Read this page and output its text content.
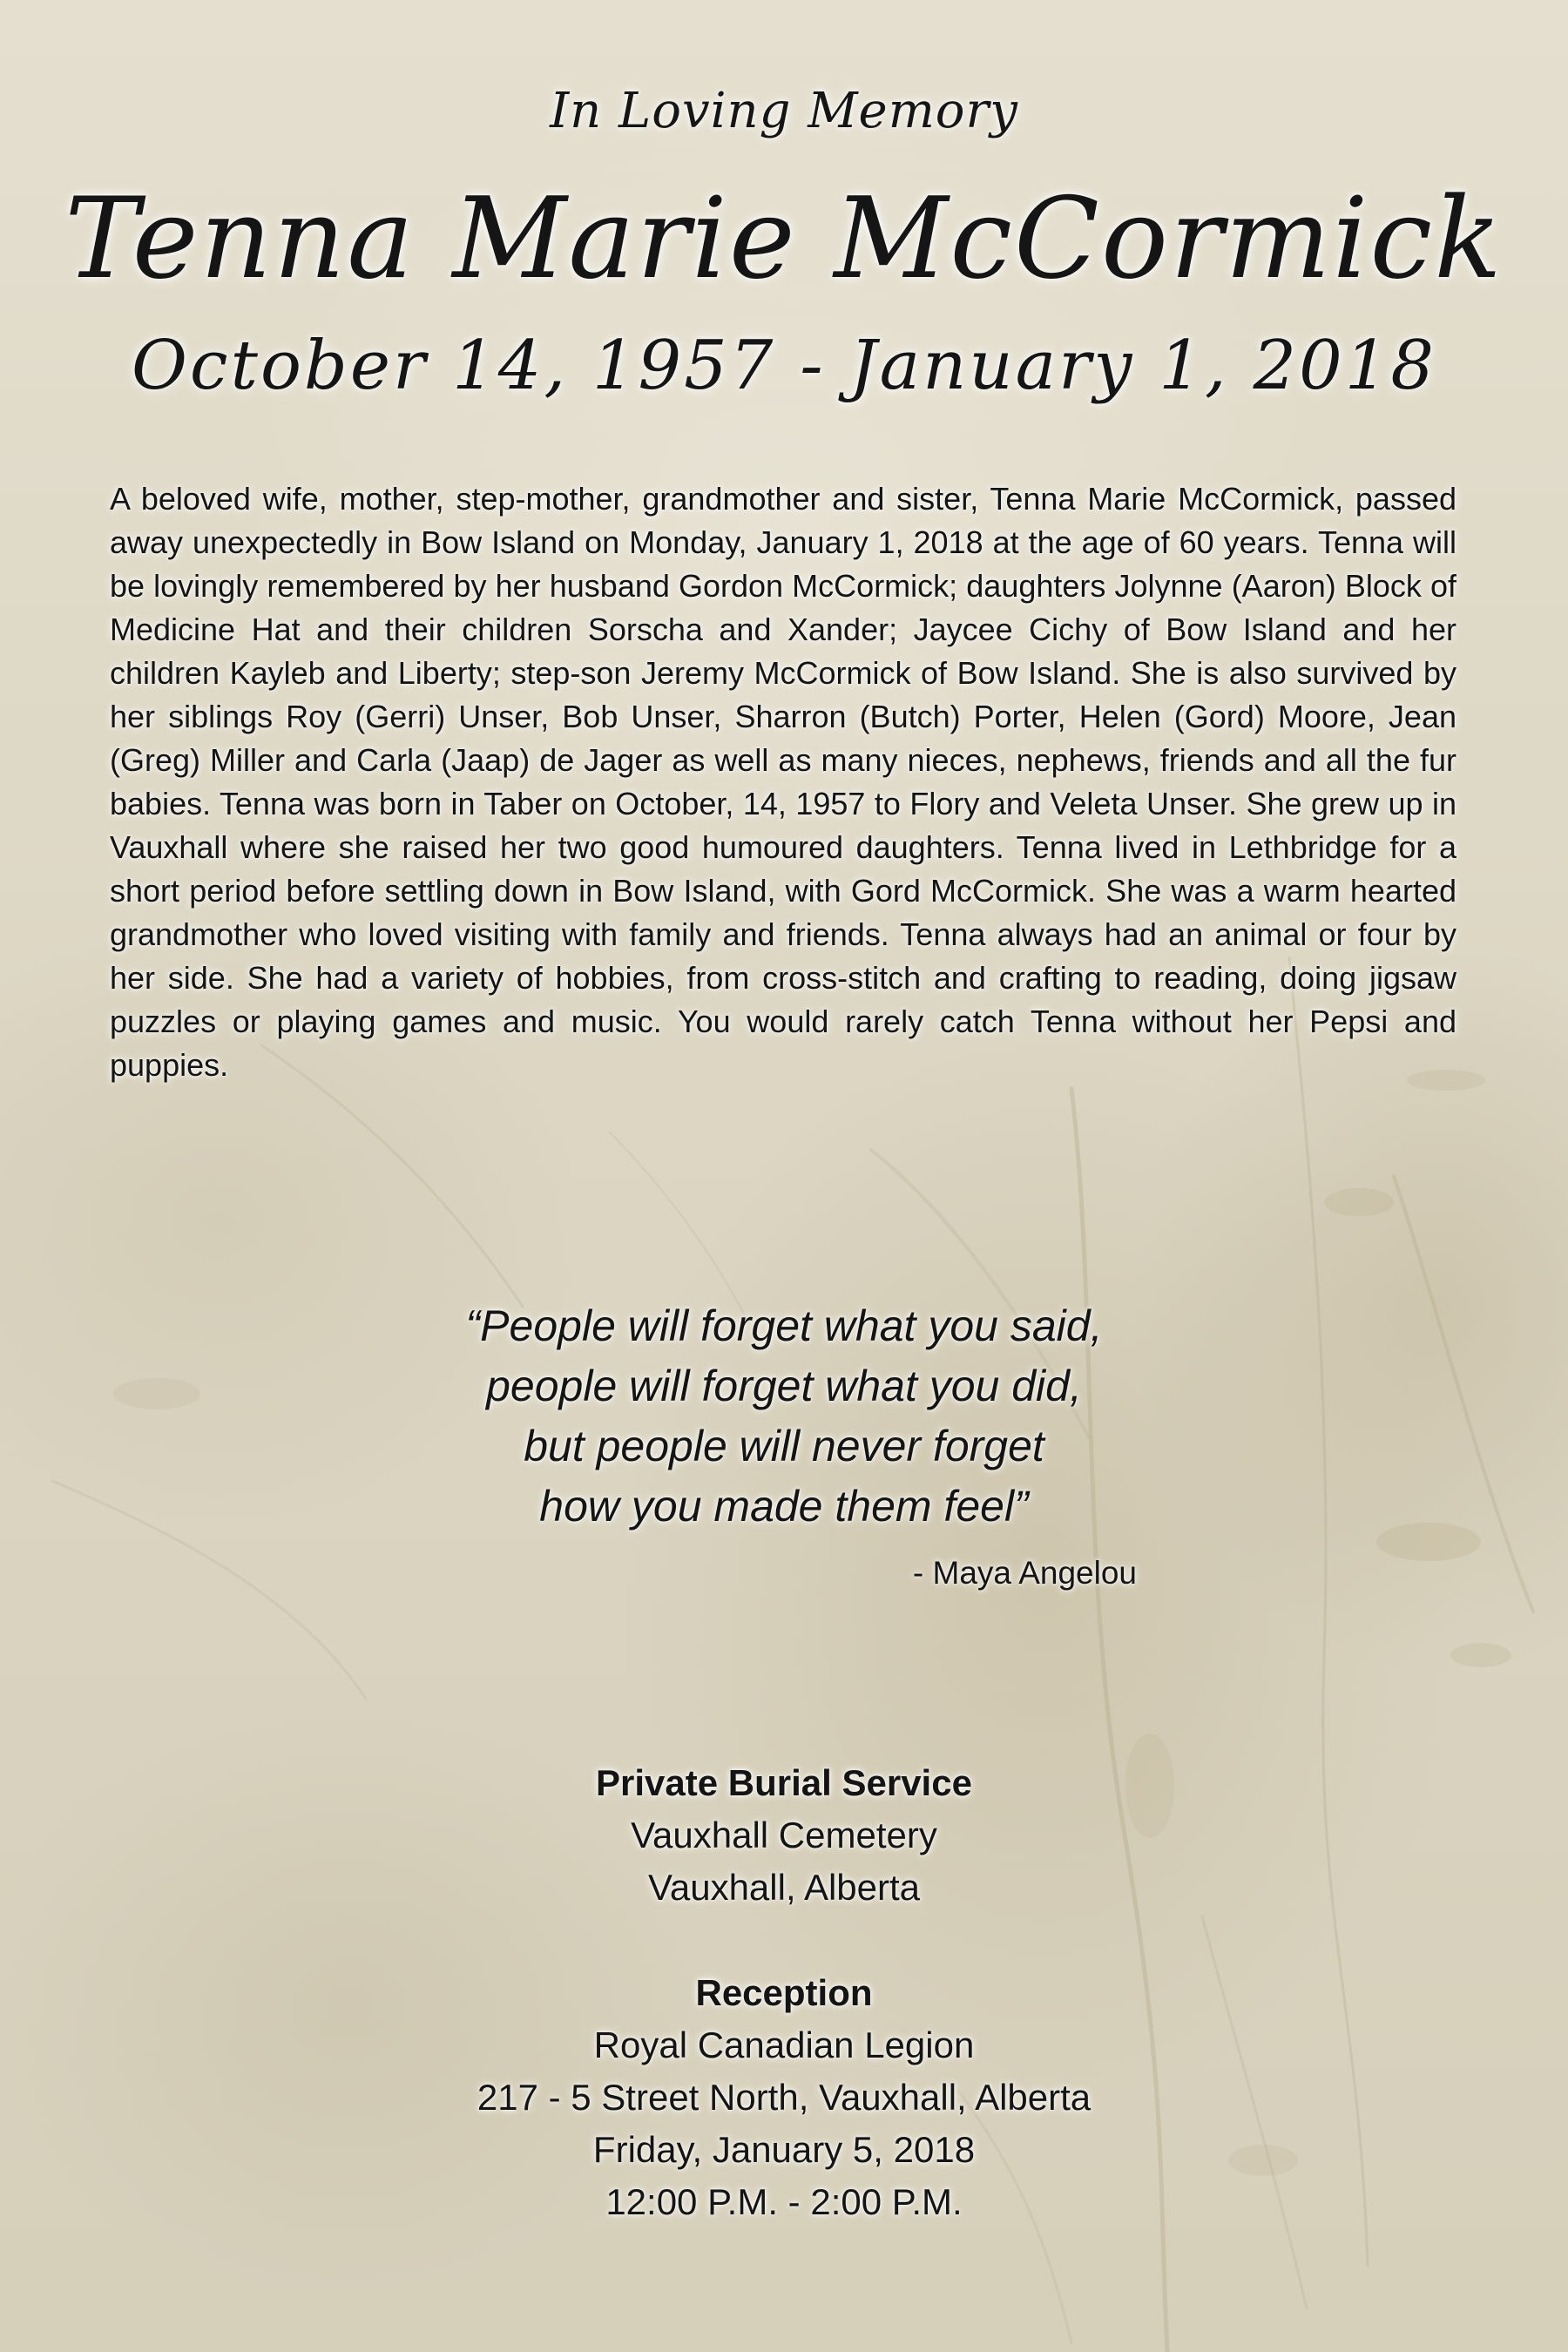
In Loving Memory
Tenna Marie McCormick
October 14, 1957 - January 1, 2018

A beloved wife, mother, step-mother, grandmother and sister, Tenna Marie McCormick, passed away unexpectedly in Bow Island on Monday, January 1, 2018 at the age of 60 years. Tenna will be lovingly remembered by her husband Gordon McCormick; daughters Jolynne (Aaron) Block of Medicine Hat and their children Sorscha and Xander; Jaycee Cichy of Bow Island and her children Kayleb and Liberty; step-son Jeremy McCormick of Bow Island. She is also survived by her siblings Roy (Gerri) Unser, Bob Unser, Sharron (Butch) Porter, Helen (Gord) Moore, Jean (Greg) Miller and Carla (Jaap) de Jager as well as many nieces, nephews, friends and all the fur babies. Tenna was born in Taber on October, 14, 1957 to Flory and Veleta Unser. She grew up in Vauxhall where she raised her two good humoured daughters. Tenna lived in Lethbridge for a short period before settling down in Bow Island, with Gord McCormick. She was a warm hearted grandmother who loved visiting with family and friends. Tenna always had an animal or four by her side. She had a variety of hobbies, from cross-stitch and crafting to reading, doing jigsaw puzzles or playing games and music. You would rarely catch Tenna without her Pepsi and puppies.

“People will forget what you said,
people will forget what you did,
but people will never forget
how you made them feel”
- Maya Angelou
Private Burial Service
Vauxhall Cemetery
Vauxhall, Alberta
Reception
Royal Canadian Legion
217 - 5 Street North, Vauxhall, Alberta
Friday, January 5, 2018
12:00 P.M. - 2:00 P.M.
